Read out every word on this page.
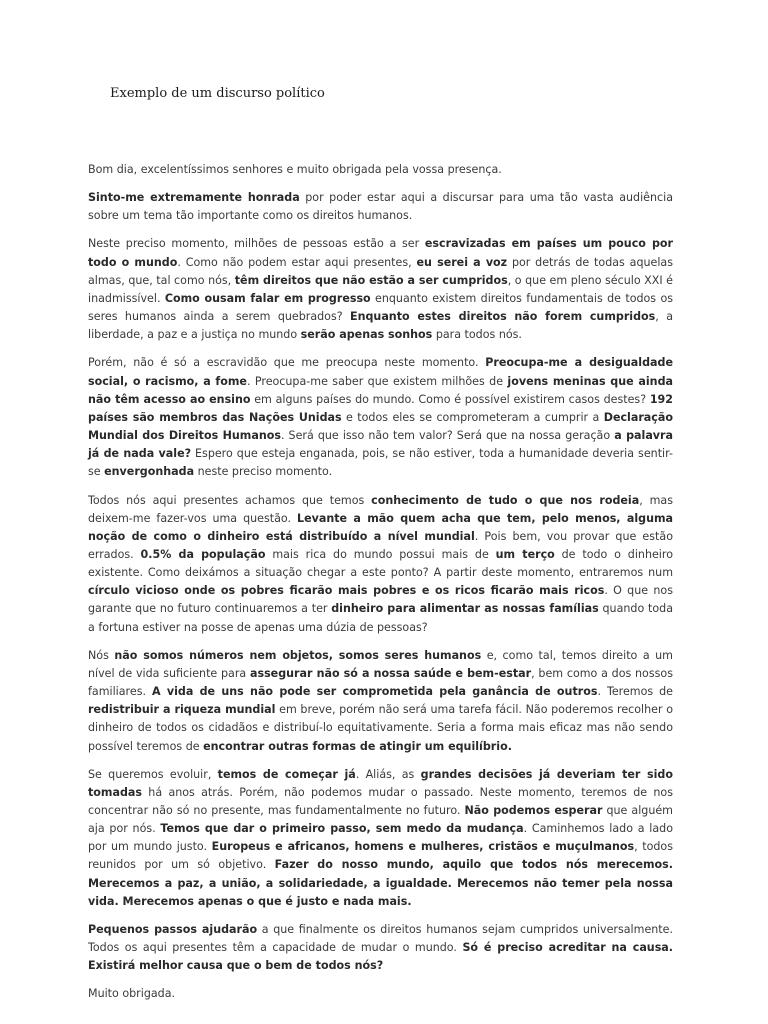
Exemplo de um discurso político

Bom dia, excelentíssimos senhores e muito obrigada pela vossa presença.

Sinto-me extremamente honrada por poder estar aqui a discursar para uma tão vasta audiência sobre um tema tão importante como os direitos humanos.

Neste preciso momento, milhões de pessoas estão a ser escravizadas em países um pouco por todo o mundo. Como não podem estar aqui presentes, eu serei a voz por detrás de todas aquelas almas, que, tal como nós, têm direitos que não estão a ser cumpridos, o que em pleno século XXI é inadmissível. Como ousam falar em progresso enquanto existem direitos fundamentais de todos os seres humanos ainda a serem quebrados? Enquanto estes direitos não forem cumpridos, a liberdade, a paz e a justiça no mundo serão apenas sonhos para todos nós.

Porém, não é só a escravidão que me preocupa neste momento. Preocupa-me a desigualdade social, o racismo, a fome. Preocupa-me saber que existem milhões de jovens meninas que ainda não têm acesso ao ensino em alguns países do mundo. Como é possível existirem casos destes? 192 países são membros das Nações Unidas e todos eles se comprometeram a cumprir a Declaração Mundial dos Direitos Humanos. Será que isso não tem valor? Será que na nossa geração a palavra já de nada vale? Espero que esteja enganada, pois, se não estiver, toda a humanidade deveria sentir-se envergonhada neste preciso momento.

Todos nós aqui presentes achamos que temos conhecimento de tudo o que nos rodeia, mas deixem-me fazer-vos uma questão. Levante a mão quem acha que tem, pelo menos, alguma noção de como o dinheiro está distribuído a nível mundial. Pois bem, vou provar que estão errados. 0.5% da população mais rica do mundo possui mais de um terço de todo o dinheiro existente. Como deixámos a situação chegar a este ponto? A partir deste momento, entraremos num círculo vicioso onde os pobres ficarão mais pobres e os ricos ficarão mais ricos. O que nos garante que no futuro continuaremos a ter dinheiro para alimentar as nossas famílias quando toda a fortuna estiver na posse de apenas uma dúzia de pessoas?

Nós não somos números nem objetos, somos seres humanos e, como tal, temos direito a um nível de vida suficiente para assegurar não só a nossa saúde e bem-estar, bem como a dos nossos familiares. A vida de uns não pode ser comprometida pela ganância de outros. Teremos de redistribuir a riqueza mundial em breve, porém não será uma tarefa fácil. Não poderemos recolher o dinheiro de todos os cidadãos e distribuí-lo equitativamente. Seria a forma mais eficaz mas não sendo possível teremos de encontrar outras formas de atingir um equilíbrio.

Se queremos evoluir, temos de começar já. Aliás, as grandes decisões já deveriam ter sido tomadas há anos atrás. Porém, não podemos mudar o passado. Neste momento, teremos de nos concentrar não só no presente, mas fundamentalmente no futuro. Não podemos esperar que alguém aja por nós. Temos que dar o primeiro passo, sem medo da mudança. Caminhemos lado a lado por um mundo justo. Europeus e africanos, homens e mulheres, cristãos e muçulmanos, todos reunidos por um só objetivo. Fazer do nosso mundo, aquilo que todos nós merecemos. Merecemos a paz, a união, a solidariedade, a igualdade. Merecemos não temer pela nossa vida. Merecemos apenas o que é justo e nada mais.

Pequenos passos ajudarão a que finalmente os direitos humanos sejam cumpridos universalmente. Todos os aqui presentes têm a capacidade de mudar o mundo. Só é preciso acreditar na causa. Existirá melhor causa que o bem de todos nós?

Muito obrigada.
